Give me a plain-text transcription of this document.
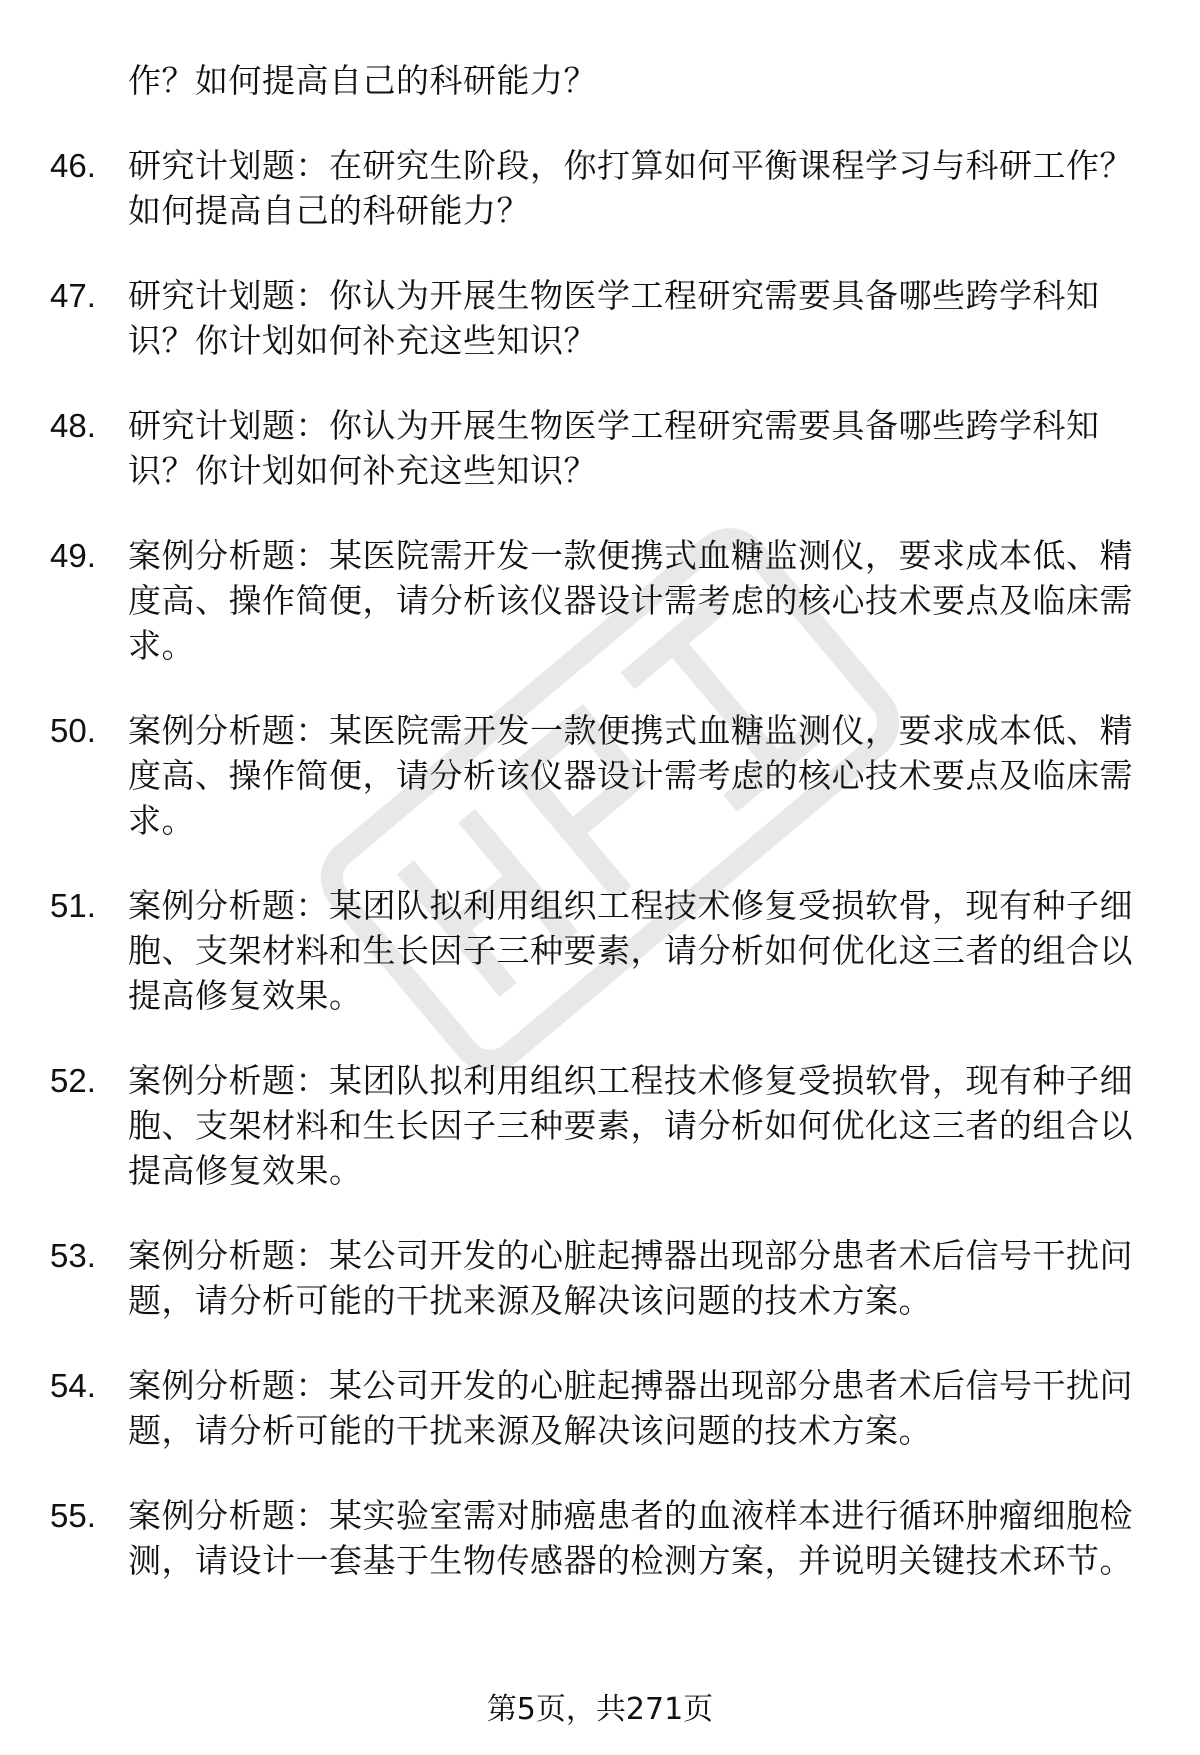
作？如何提高自己的科研能力？
46. 研究计划题：在研究生阶段，你打算如何平衡课程学习与科研工作？如何提高自己的科研能力？
47. 研究计划题：你认为开展生物医学工程研究需要具备哪些跨学科知识？你计划如何补充这些知识？
48. 研究计划题：你认为开展生物医学工程研究需要具备哪些跨学科知识？你计划如何补充这些知识？
49. 案例分析题：某医院需开发一款便携式血糖监测仪，要求成本低、精度高、操作简便，请分析该仪器设计需考虑的核心技术要点及临床需求。
50. 案例分析题：某医院需开发一款便携式血糖监测仪，要求成本低、精度高、操作简便，请分析该仪器设计需考虑的核心技术要点及临床需求。
51. 案例分析题：某团队拟利用组织工程技术修复受损软骨，现有种子细胞、支架材料和生长因子三种要素，请分析如何优化这三者的组合以提高修复效果。
52. 案例分析题：某团队拟利用组织工程技术修复受损软骨，现有种子细胞、支架材料和生长因子三种要素，请分析如何优化这三者的组合以提高修复效果。
53. 案例分析题：某公司开发的心脏起搏器出现部分患者术后信号干扰问题，请分析可能的干扰来源及解决该问题的技术方案。
54. 案例分析题：某公司开发的心脏起搏器出现部分患者术后信号干扰问题，请分析可能的干扰来源及解决该问题的技术方案。
55. 案例分析题：某实验室需对肺癌患者的血液样本进行循环肿瘤细胞检测，请设计一套基于生物传感器的检测方案，并说明关键技术环节。
第5页，共271页
